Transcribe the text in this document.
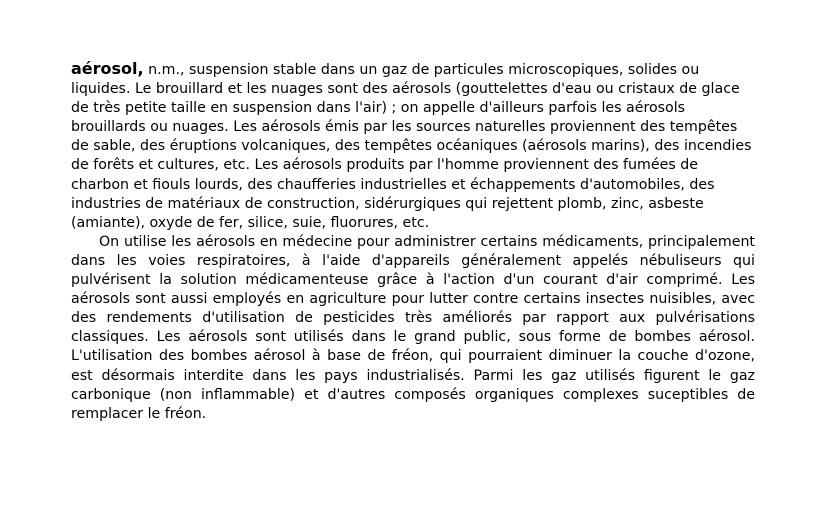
aérosol, n.m., suspension stable dans un gaz de particules microscopiques, solides ou liquides. Le brouillard et les nuages sont des aérosols (gouttelettes d'eau ou cristaux de glace de très petite taille en suspension dans l'air) ; on appelle d'ailleurs parfois les aérosols brouillards ou nuages. Les aérosols émis par les sources naturelles proviennent des tempêtes de sable, des éruptions volcaniques, des tempêtes océaniques (aérosols marins), des incendies de forêts et cultures, etc. Les aérosols produits par l'homme proviennent des fumées de charbon et fiouls lourds, des chaufferies industrielles et échappements d'automobiles, des industries de matériaux de construction, sidérurgiques qui rejettent plomb, zinc, asbeste (amiante), oxyde de fer, silice, suie, fluorures, etc.

On utilise les aérosols en médecine pour administrer certains médicaments, principalement dans les voies respiratoires, à l'aide d'appareils généralement appelés nébuliseurs qui pulvérisent la solution médicamenteuse grâce à l'action d'un courant d'air comprimé. Les aérosols sont aussi employés en agriculture pour lutter contre certains insectes nuisibles, avec des rendements d'utilisation de pesticides très améliorés par rapport aux pulvérisations classiques. Les aérosols sont utilisés dans le grand public, sous forme de bombes aérosol. L'utilisation des bombes aérosol à base de fréon, qui pourraient diminuer la couche d'ozone, est désormais interdite dans les pays industrialisés. Parmi les gaz utilisés figurent le gaz carbonique (non inflammable) et d'autres composés organiques complexes suceptibles de remplacer le fréon.
